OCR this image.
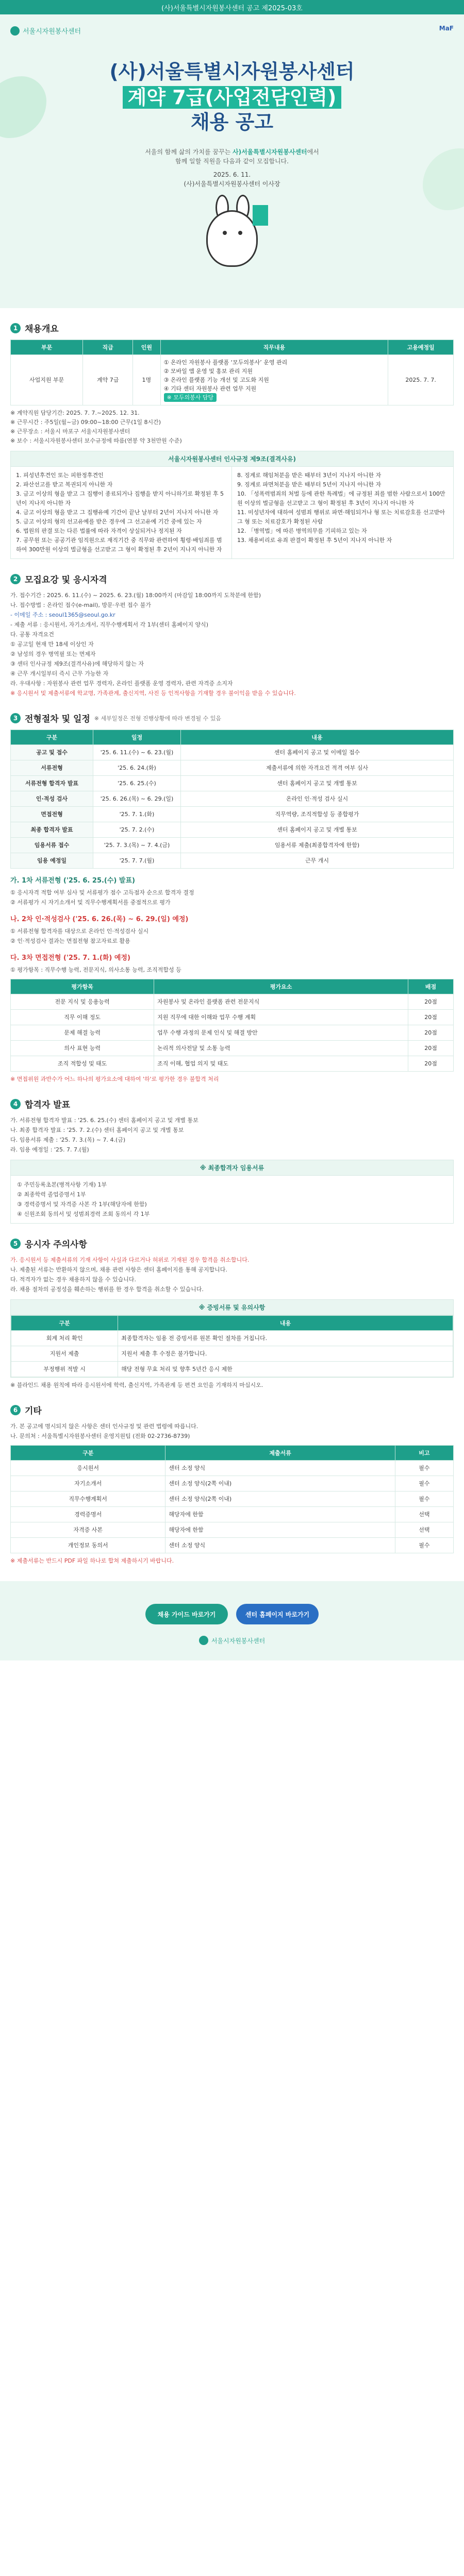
(사)서울특별시자원봉사센터 공고 제2025-03호
서울시자원봉사센터	MaF
(사)서울특별시자원봉사센터
계약 7급(사업전담인력)
채용 공고
서울의 함께 삶의 가치를 꿈꾸는 사)서울특별시자원봉사센터에서
함께 일할 직원을 다음과 같이 모집합니다.
2025. 6. 11.
(사)서울특별시자원봉사센터 이사장
1 채용개요
부문	직급	인원	직무내용	고용예정일
사업지원 부문	계약 7급	1명	① 온라인 자원봉사 플랫폼 ‘모두의봉사’ 운영 관리
② 모바일 앱 운영 및 홍보 관리 지원
③ 온라인 플랫폼 기능 개선 및 고도화 지원
④ 기타 센터 자원봉사 관련 업무 지원
※ 모두의봉사 담당	2025. 7. 7.
※ 계약직원 담당기간: 2025. 7. 7.~2025. 12. 31.
※ 근무시간 : 주5일(월~금) 09:00~18:00 근무(1일 8시간)
※ 근무장소 : 서울시 마포구 서울시자원봉사센터
※ 보수 : 서울시자원봉사센터 보수규정에 따름(연봉 약 3천만원 수준)
서울시자원봉사센터 인사규정 제9조(결격사유)

1. 피성년후견인 또는 피한정후견인

2. 파산선고를 받고 복권되지 아니한 자

3. 금고 이상의 형을 받고 그 집행이 종료되거나 집행을 받지 아니하기로 확정된 후 5년이 지나지 아니한 자

4. 금고 이상의 형을 받고 그 집행유예 기간이 끝난 날부터 2년이 지나지 아니한 자

5. 금고 이상의 형의 선고유예를 받은 경우에 그 선고유예 기간 중에 있는 자

6. 법원의 판결 또는 다른 법률에 따라 자격이 상실되거나 정지된 자

7. 공무원 또는 공공기관 임직원으로 재직기간 중 직무와 관련하여 횡령·배임죄를 범하여 300만원 이상의 벌금형을 선고받고 그 형이 확정된 후 2년이 지나지 아니한 자

8. 징계로 해임처분을 받은 때부터 3년이 지나지 아니한 자

9. 징계로 파면처분을 받은 때부터 5년이 지나지 아니한 자

10. 「성폭력범죄의 처벌 등에 관한 특례법」에 규정된 죄를 범한 사람으로서 100만원 이상의 벌금형을 선고받고 그 형이 확정된 후 3년이 지나지 아니한 자

11. 미성년자에 대하여 성범죄 행위로 파면·해임되거나 형 또는 치료감호를 선고받아 그 형 또는 치료감호가 확정된 사람

12. 「병역법」에 따른 병역의무를 기피하고 있는 자

13. 채용비리로 유죄 판결이 확정된 후 5년이 지나지 아니한 자

2 모집요강 및 응시자격

가. 접수기간 : 2025. 6. 11.(수) ~ 2025. 6. 23.(월) 18:00까지 (마감일 18:00까지 도착분에 한함)

나. 접수방법 : 온라인 접수(e-mail), 방문·우편 접수 불가

- 이메일 주소 : seoul1365@seoul.go.kr

- 제출 서류 : 응시원서, 자기소개서, 직무수행계획서 각 1부(센터 홈페이지 양식)

다. 공통 자격요건

① 공고일 현재 만 18세 이상인 자

② 남성의 경우 병역필 또는 면제자

③ 센터 인사규정 제9조(결격사유)에 해당하지 않는 자

④ 근무 개시일부터 즉시 근무 가능한 자

라. 우대사항 : 자원봉사 관련 업무 경력자, 온라인 플랫폼 운영 경력자, 관련 자격증 소지자

※ 응시원서 및 제출서류에 학교명, 가족관계, 출신지역, 사진 등 인적사항을 기재할 경우 불이익을 받을 수 있습니다.

3 전형절차 및 일정 ※ 세부일정은 전형 진행상황에 따라 변경될 수 있음
구분	일정	내용
공고 및 접수	'25. 6. 11.(수) ~ 6. 23.(월)	센터 홈페이지 공고 및 이메일 접수
서류전형	'25. 6. 24.(화)	제출서류에 의한 자격요건 적격 여부 심사
서류전형 합격자 발표	'25. 6. 25.(수)	센터 홈페이지 공고 및 개별 통보
인·적성 검사	'25. 6. 26.(목) ~ 6. 29.(일)	온라인 인·적성 검사 실시
면접전형	'25. 7. 1.(화)	직무역량, 조직적합성 등 종합평가
최종 합격자 발표	'25. 7. 2.(수)	센터 홈페이지 공고 및 개별 통보
임용서류 접수	'25. 7. 3.(목) ~ 7. 4.(금)	임용서류 제출(최종합격자에 한함)
임용 예정일	'25. 7. 7.(월)	근무 개시
가. 1차 서류전형 ('25. 6. 25.(수) 발표)

① 응시자격 적합 여부 심사 및 서류평가 점수 고득점자 순으로 합격자 결정

② 서류평가 시 자기소개서 및 직무수행계획서를 중점적으로 평가

나. 2차 인·적성검사 ('25. 6. 26.(목) ~ 6. 29.(일) 예정)

① 서류전형 합격자를 대상으로 온라인 인·적성검사 실시

② 인·적성검사 결과는 면접전형 참고자료로 활용

다. 3차 면접전형 ('25. 7. 1.(화) 예정)

① 평가항목 : 직무수행 능력, 전문지식, 의사소통 능력, 조직적합성 등

평가항목	평가요소	배점
전문 지식 및 응용능력	자원봉사 및 온라인 플랫폼 관련 전문지식	20점
직무 이해 정도	지원 직무에 대한 이해와 업무 수행 계획	20점
문제 해결 능력	업무 수행 과정의 문제 인식 및 해결 방안	20점
의사 표현 능력	논리적 의사전달 및 소통 능력	20점
조직 적합성 및 태도	조직 이해, 협업 의지 및 태도	20점
※ 면접위원 과반수가 어느 하나의 평가요소에 대하여 '하'로 평가한 경우 불합격 처리
4 합격자 발표

가. 서류전형 합격자 발표 : '25. 6. 25.(수) 센터 홈페이지 공고 및 개별 통보

나. 최종 합격자 발표 : '25. 7. 2.(수) 센터 홈페이지 공고 및 개별 통보

다. 임용서류 제출 : '25. 7. 3.(목) ~ 7. 4.(금)

라. 임용 예정일 : '25. 7. 7.(월)

※ 최종합격자 임용서류

① 주민등록초본(병적사항 기재) 1부

② 최종학력 졸업증명서 1부

③ 경력증명서 및 자격증 사본 각 1부(해당자에 한함)

④ 신원조회 동의서 및 성범죄경력 조회 동의서 각 1부

5 응시자 주의사항

가. 응시원서 등 제출서류의 기재 사항이 사실과 다르거나 허위로 기재된 경우 합격을 취소합니다.

나. 제출된 서류는 반환하지 않으며, 채용 관련 사항은 센터 홈페이지를 통해 공지합니다.

다. 적격자가 없는 경우 채용하지 않을 수 있습니다.

라. 채용 절차의 공정성을 훼손하는 행위를 한 경우 합격을 취소할 수 있습니다.

※ 증빙서류 및 유의사항
구분	내용
회계 처리 확인	최종합격자는 임용 전 증빙서류 원본 확인 절차를 거칩니다.
지원서 제출	지원서 제출 후 수정은 불가합니다.
부정행위 적발 시	해당 전형 무효 처리 및 향후 5년간 응시 제한
※ 블라인드 채용 원칙에 따라 응시원서에 학력, 출신지역, 가족관계 등 편견 요인을 기재하지 마십시오.
6 기타

가. 본 공고에 명시되지 않은 사항은 센터 인사규정 및 관련 법령에 따릅니다.

나. 문의처 : 서울특별시자원봉사센터 운영지원팀 (전화 02-2736-8739)

구분	제출서류	비고
응시원서	센터 소정 양식	필수
자기소개서	센터 소정 양식(2쪽 이내)	필수
직무수행계획서	센터 소정 양식(2쪽 이내)	필수
경력증명서	해당자에 한함	선택
자격증 사본	해당자에 한함	선택
개인정보 동의서	센터 소정 양식	필수
※ 제출서류는 반드시 PDF 파일 하나로 합쳐 제출하시기 바랍니다.
채용 가이드 바로가기	센터 홈페이지 바로가기
서울시자원봉사센터
